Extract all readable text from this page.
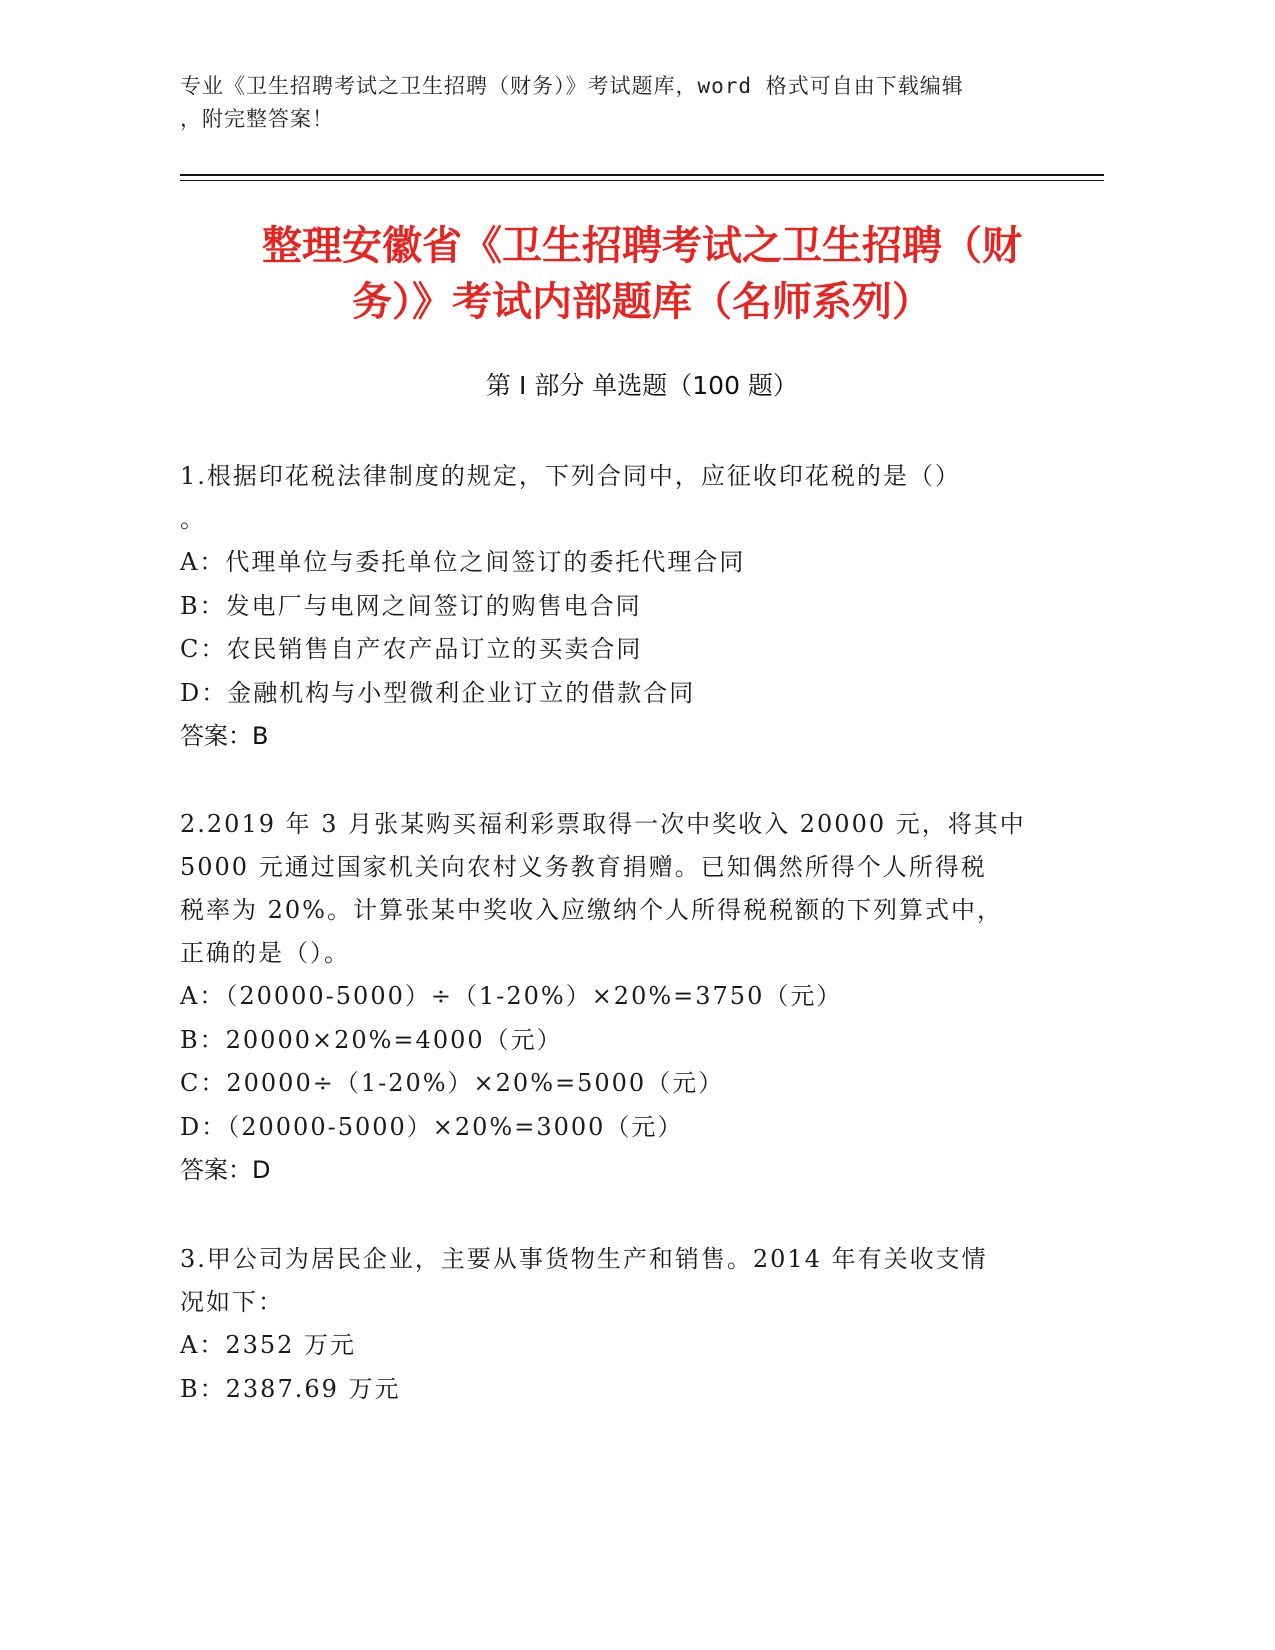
专业《卫生招聘考试之卫生招聘（财务）》考试题库，word 格式可自由下载编辑
，附完整答案！
整理安徽省《卫生招聘考试之卫生招聘（财
务）》考试内部题库（名师系列）
第 I 部分 单选题（100 题）

1.根据印花税法律制度的规定，下列合同中，应征收印花税的是（）

。

A：代理单位与委托单位之间签订的委托代理合同

B：发电厂与电网之间签订的购售电合同

C：农民销售自产农产品订立的买卖合同

D：金融机构与小型微利企业订立的借款合同

答案：B

2.2019 年 3 月张某购买福利彩票取得一次中奖收入 20000 元，将其中

5000 元通过国家机关向农村义务教育捐赠。已知偶然所得个人所得税

税率为 20%。计算张某中奖收入应缴纳个人所得税税额的下列算式中，

正确的是（）。

A：（20000-5000）÷（1-20%）×20%=3750（元）

B：20000×20%=4000（元）

C：20000÷（1-20%）×20%=5000（元）

D：（20000-5000）×20%=3000（元）

答案：D

3.甲公司为居民企业，主要从事货物生产和销售。2014 年有关收支情

况如下：

A：2352 万元

B：2387.69 万元
